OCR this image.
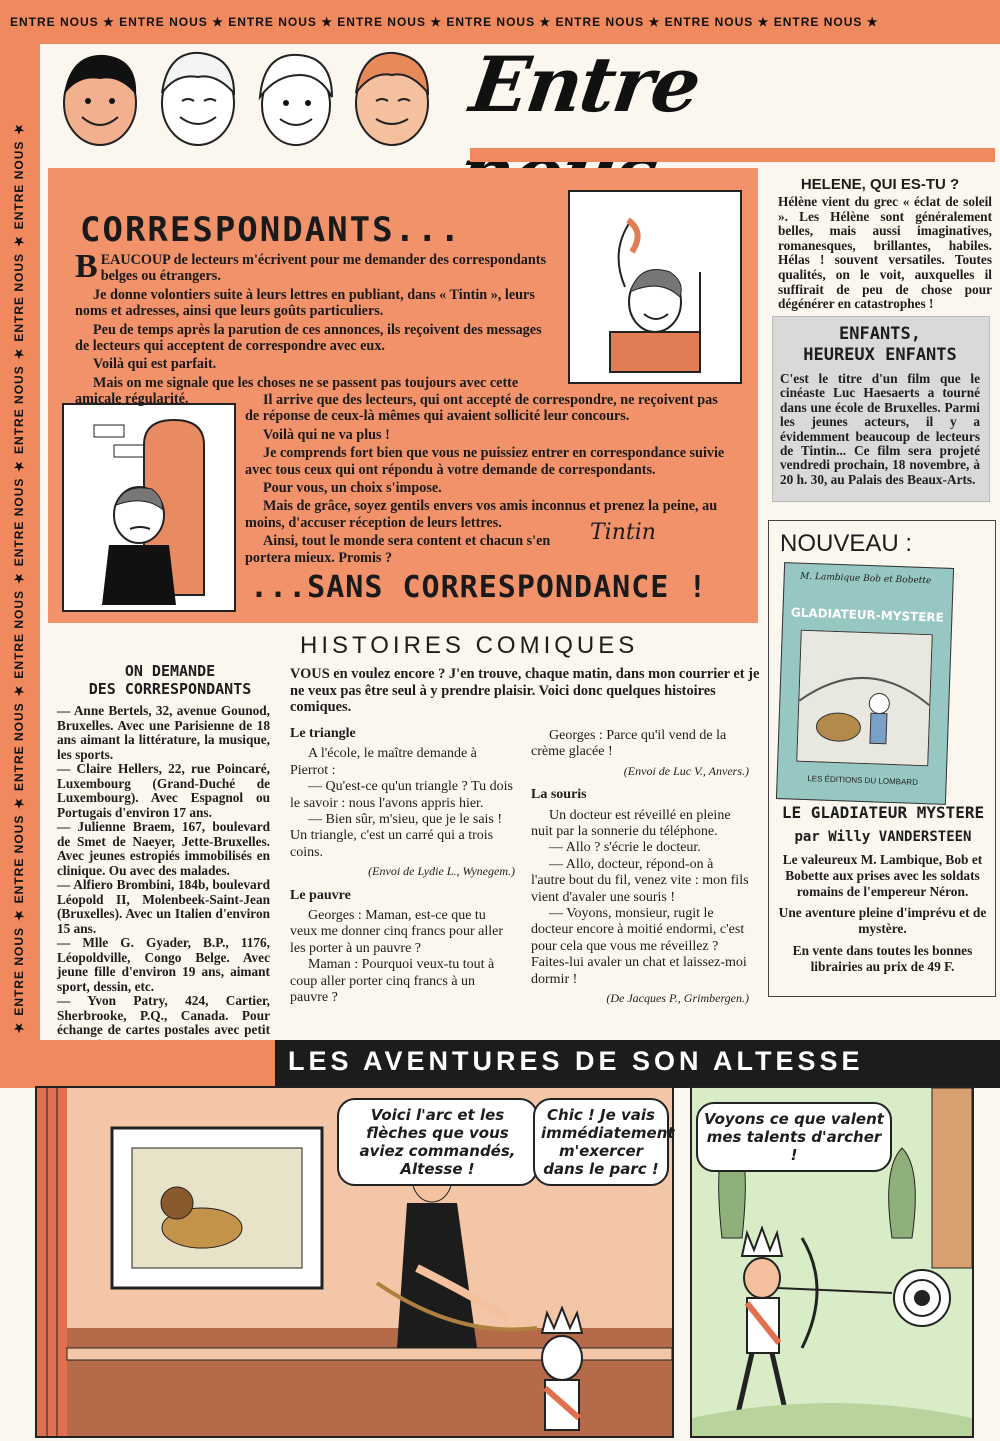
ENTRE NOUS ★ ENTRE NOUS ★ ENTRE NOUS ★ ENTRE NOUS ★ ENTRE NOUS ★ ENTRE NOUS ★ ENTRE NOUS ★ ENTRE NOUS ★
★ ENTRE NOUS ★ ENTRE NOUS ★ ENTRE NOUS ★ ENTRE NOUS ★ ENTRE NOUS ★ ENTRE NOUS ★ ENTRE NOUS ★ ENTRE NOUS ★
Entre
CORRESPONDANTS...

BEAUCOUP de lecteurs m'écrivent pour me demander des correspondants belges ou étrangers.

Je donne volontiers suite à leurs lettres en publiant, dans « Tintin », leurs noms et adresses, ainsi que leurs goûts particuliers.

Peu de temps après la parution de ces annonces, ils reçoivent des messages de lecteurs qui acceptent de correspondre avec eux.

Voilà qui est parfait.

Mais on me signale que les choses ne se passent pas toujours avec cette amicale régularité.	Il arrive que des lecteurs, qui ont accepté de correspondre, ne reçoivent pas de réponse de ceux-là mêmes qui avaient sollicité leur concours.

Voilà qui ne va plus !

Je comprends fort bien que vous ne puissiez entrer en correspondance suivie avec tous ceux qui ont répondu à votre demande de correspondants.

Pour vous, un choix s'impose.

Mais de grâce, soyez gentils envers vos amis inconnus et prenez la peine, au moins, d'accuser réception de leurs lettres.

Ainsi, tout le monde sera content et chacun s'en portera mieux. Promis ?

Tintin
...SANS CORRESPONDANCE !
HELENE, QUI ES-TU ?
Hélène vient du grec « éclat de soleil ». Les Hélène sont généralement belles, mais aussi imaginatives, romanesques, brillantes, habiles. Hélas ! souvent versatiles. Toutes qualités, on le voit, auxquelles il suffirait de peu de chose pour dégénérer en catastrophes !
ENFANTS,
HEUREUX ENFANTS
C'est le titre d'un film que le cinéaste Luc Haesaerts a tourné dans une école de Bruxelles. Parmi les jeunes acteurs, il y a évidemment beaucoup de lecteurs de Tintin... Ce film sera projeté vendredi prochain, 18 novembre, à 20 h. 30, au Palais des Beaux-Arts.
NOUVEAU :
M. Lambique Bob et Bobette
GLADIATEUR-MYSTERE
LES ÉDITIONS DU LOMBARD
LE GLADIATEUR MYSTERE
par Willy VANDERSTEEN

Le valeureux M. Lambique, Bob et Bobette aux prises avec les soldats romains de l'empereur Néron.

Une aventure pleine d'imprévu et de mystère.

En vente dans toutes les bonnes librairies au prix de 49 F.

HISTOIRES COMIQUES
ON DEMANDE
DES CORRESPONDANTS
— Anne Bertels, 32, avenue Gounod, Bruxelles. Avec une Parisienne de 18 ans aimant la littérature, la musique, les sports.
— Claire Hellers, 22, rue Poincaré, Luxembourg (Grand-Duché de Luxembourg). Avec Espagnol ou Portugais d'environ 17 ans.
— Julienne Braem, 167, boulevard de Smet de Naeyer, Jette-Bruxelles. Avec jeunes estropiés immobilisés en clinique. Ou avec des malades.
— Alfiero Brombini, 184b, boulevard Léopold II, Molenbeek-Saint-Jean (Bruxelles). Avec un Italien d'environ 15 ans.
— Mlle G. Gyader, B.P., 1176, Léopoldville, Congo Belge. Avec jeune fille d'environ 19 ans, aimant sport, dessin, etc.
— Yvon Patry, 424, Cartier, Sherbrooke, P.Q., Canada. Pour échange de cartes postales avec petit
VOUS en voulez encore ? J'en trouve, chaque matin, dans mon courrier et je ne veux pas être seul à y prendre plaisir. Voici donc quelques histoires comiques.

Le triangle

A l'école, le maître demande à Pierrot :

— Qu'est-ce qu'un triangle ? Tu dois le savoir : nous l'avons appris hier.

— Bien sûr, m'sieu, que je le sais ! Un triangle, c'est un carré qui a trois coins.

(Envoi de Lydie L., Wynegem.)

Le pauvre

Georges : Maman, est-ce que tu veux me donner cinq francs pour aller les porter à un pauvre ?

Maman : Pourquoi veux-tu tout à coup aller porter cinq francs à un pauvre ?

Georges : Parce qu'il vend de la crème glacée !

(Envoi de Luc V., Anvers.)

La souris

Un docteur est réveillé en pleine nuit par la sonnerie du téléphone.

— Allo ? s'écrie le docteur.

— Allo, docteur, répond-on à l'autre bout du fil, venez vite : mon fils vient d'avaler une souris !

— Voyons, monsieur, rugit le docteur encore à moitié endormi, c'est pour cela que vous me réveillez ? Faites-lui avaler un chat et laissez-moi dormir !

(De Jacques P., Grimbergen.)

LES AVENTURES DE SON ALTESSE
Voici l'arc et les flèches que vous aviez commandés, Altesse !
Chic ! Je vais immédiatement m'exercer dans le parc !
Voyons ce que valent mes talents d'archer !
